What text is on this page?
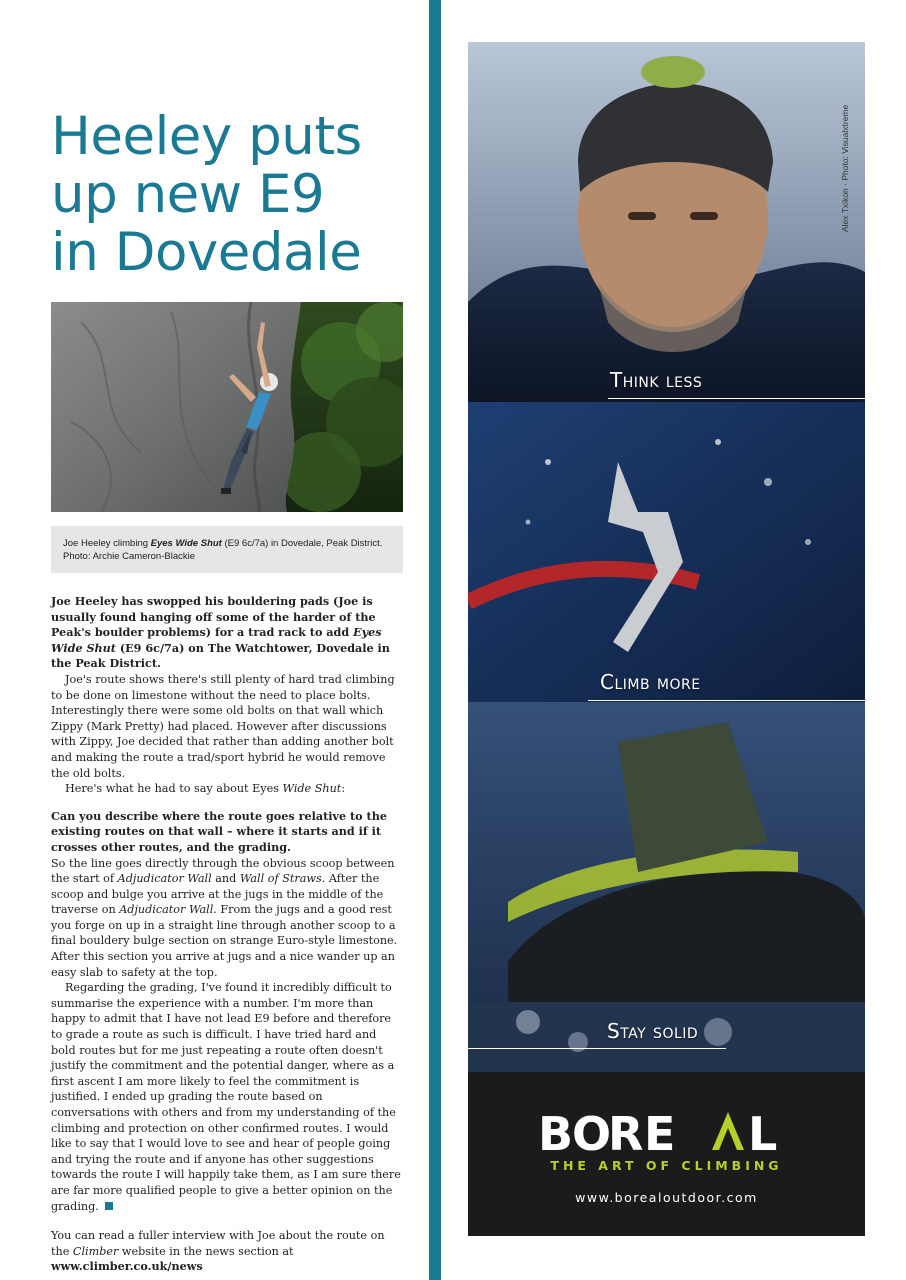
Heeley puts
up new E9
in Dovedale
Joe Heeley climbing Eyes Wide Shut (E9 6c/7a) in Dovedale, Peak District.
Photo: Archie Cameron-Blackie

Joe Heeley has swopped his bouldering pads (Joe is usually found hanging off some of the harder of the Peak's boulder problems) for a trad rack to add Eyes Wide Shut (E9 6c/7a) on The Watchtower, Dovedale in the Peak District.

Joe's route shows there's still plenty of hard trad climbing to be done on limestone without the need to place bolts. Interestingly there were some old bolts on that wall which Zippy (Mark Pretty) had placed. However after discussions with Zippy, Joe decided that rather than adding another bolt and making the route a trad/sport hybrid he would remove the old bolts.

Here's what he had to say about Eyes Wide Shut:

Can you describe where the route goes relative to the existing routes on that wall – where it starts and if it crosses other routes, and the grading.

So the line goes directly through the obvious scoop between the start of Adjudicator Wall and Wall of Straws. After the scoop and bulge you arrive at the jugs in the middle of the traverse on Adjudicator Wall. From the jugs and a good rest you forge on up in a straight line through another scoop to a final bouldery bulge section on strange Euro-style limestone. After this section you arrive at jugs and a nice wander up an easy slab to safety at the top.

Regarding the grading, I've found it incredibly difficult to summarise the experience with a number. I'm more than happy to admit that I have not lead E9 before and therefore to grade a route as such is difficult. I have tried hard and bold routes but for me just repeating a route often doesn't justify the commitment and the potential danger, where as a first ascent I am more likely to feel the commitment is justified. I ended up grading the route based on conversations with others and from my understanding of the climbing and protection on other confirmed routes. I would like to say that I would love to see and hear of people going and trying the route and if anyone has other suggestions towards the route I will happily take them, as I am sure there are far more qualified people to give a better opinion on the grading.

You can read a fuller interview with Joe about the route on the Climber website in the news section at www.climber.co.uk/news

Alex Txikon · Photo: Visualxtreme
Think less
Climb more
Stay solid
BORE L
THE ART OF CLIMBING
www.borealoutdoor.com
